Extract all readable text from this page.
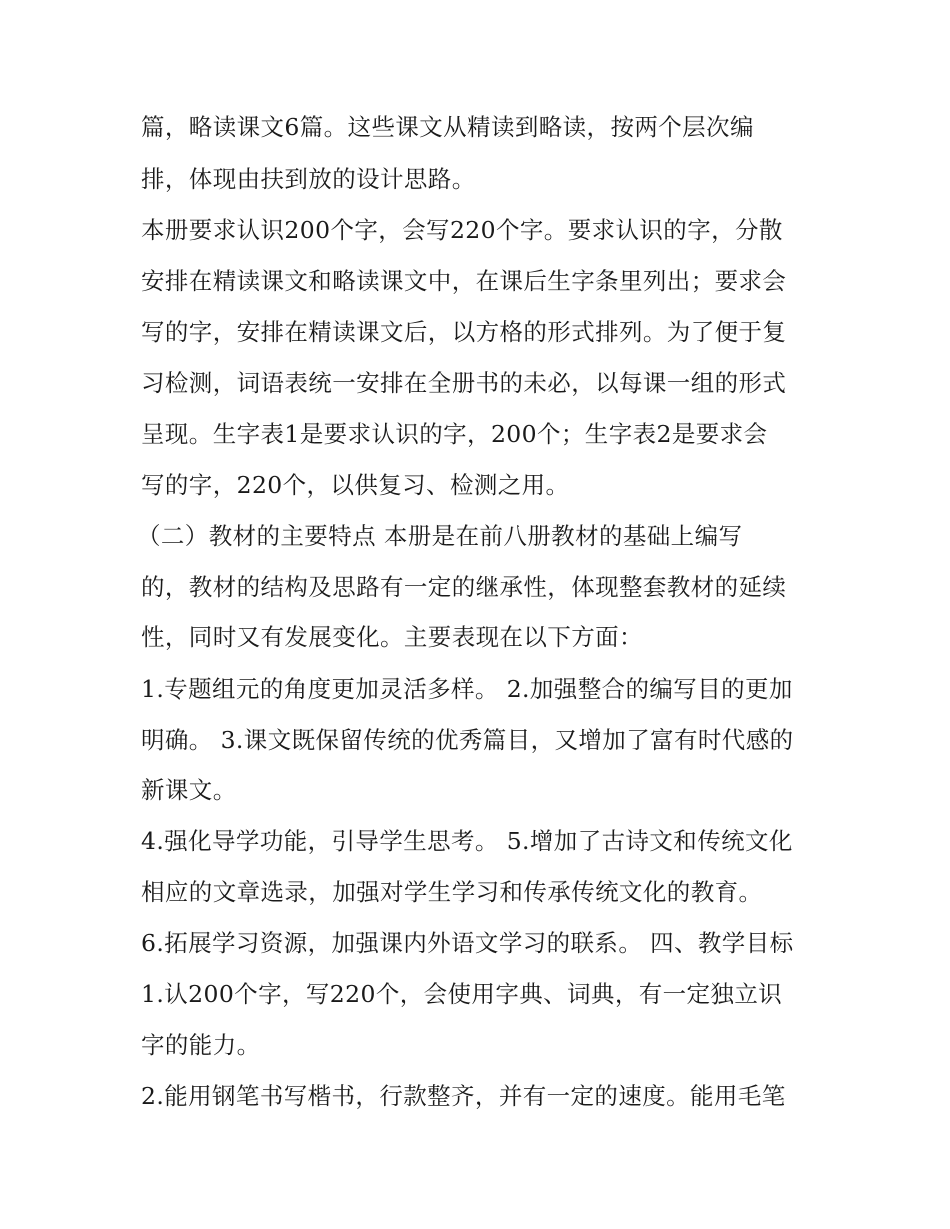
篇，略读课文6篇。这些课文从精读到略读，按两个层次编
排，体现由扶到放的设计思路。
本册要求认识200个字，会写220个字。要求认识的字，分散
安排在精读课文和略读课文中，在课后生字条里列出；要求会
写的字，安排在精读课文后，以方格的形式排列。为了便于复
习检测，词语表统一安排在全册书的未必，以每课一组的形式
呈现。生字表1是要求认识的字，200个；生字表2是要求会
写的字，220个，以供复习、检测之用。
（二）教材的主要特点 本册是在前八册教材的基础上编写
的，教材的结构及思路有一定的继承性，体现整套教材的延续
性，同时又有发展变化。主要表现在以下方面：
1.专题组元的角度更加灵活多样。 2.加强整合的编写目的更加
明确。 3.课文既保留传统的优秀篇目，又增加了富有时代感的
新课文。
4.强化导学功能，引导学生思考。 5.增加了古诗文和传统文化
相应的文章选录，加强对学生学习和传承传统文化的教育。
6.拓展学习资源，加强课内外语文学习的联系。 四、教学目标
1.认200个字，写220个，会使用字典、词典，有一定独立识
字的能力。
2.能用钢笔书写楷书，行款整齐，并有一定的速度。能用毛笔
